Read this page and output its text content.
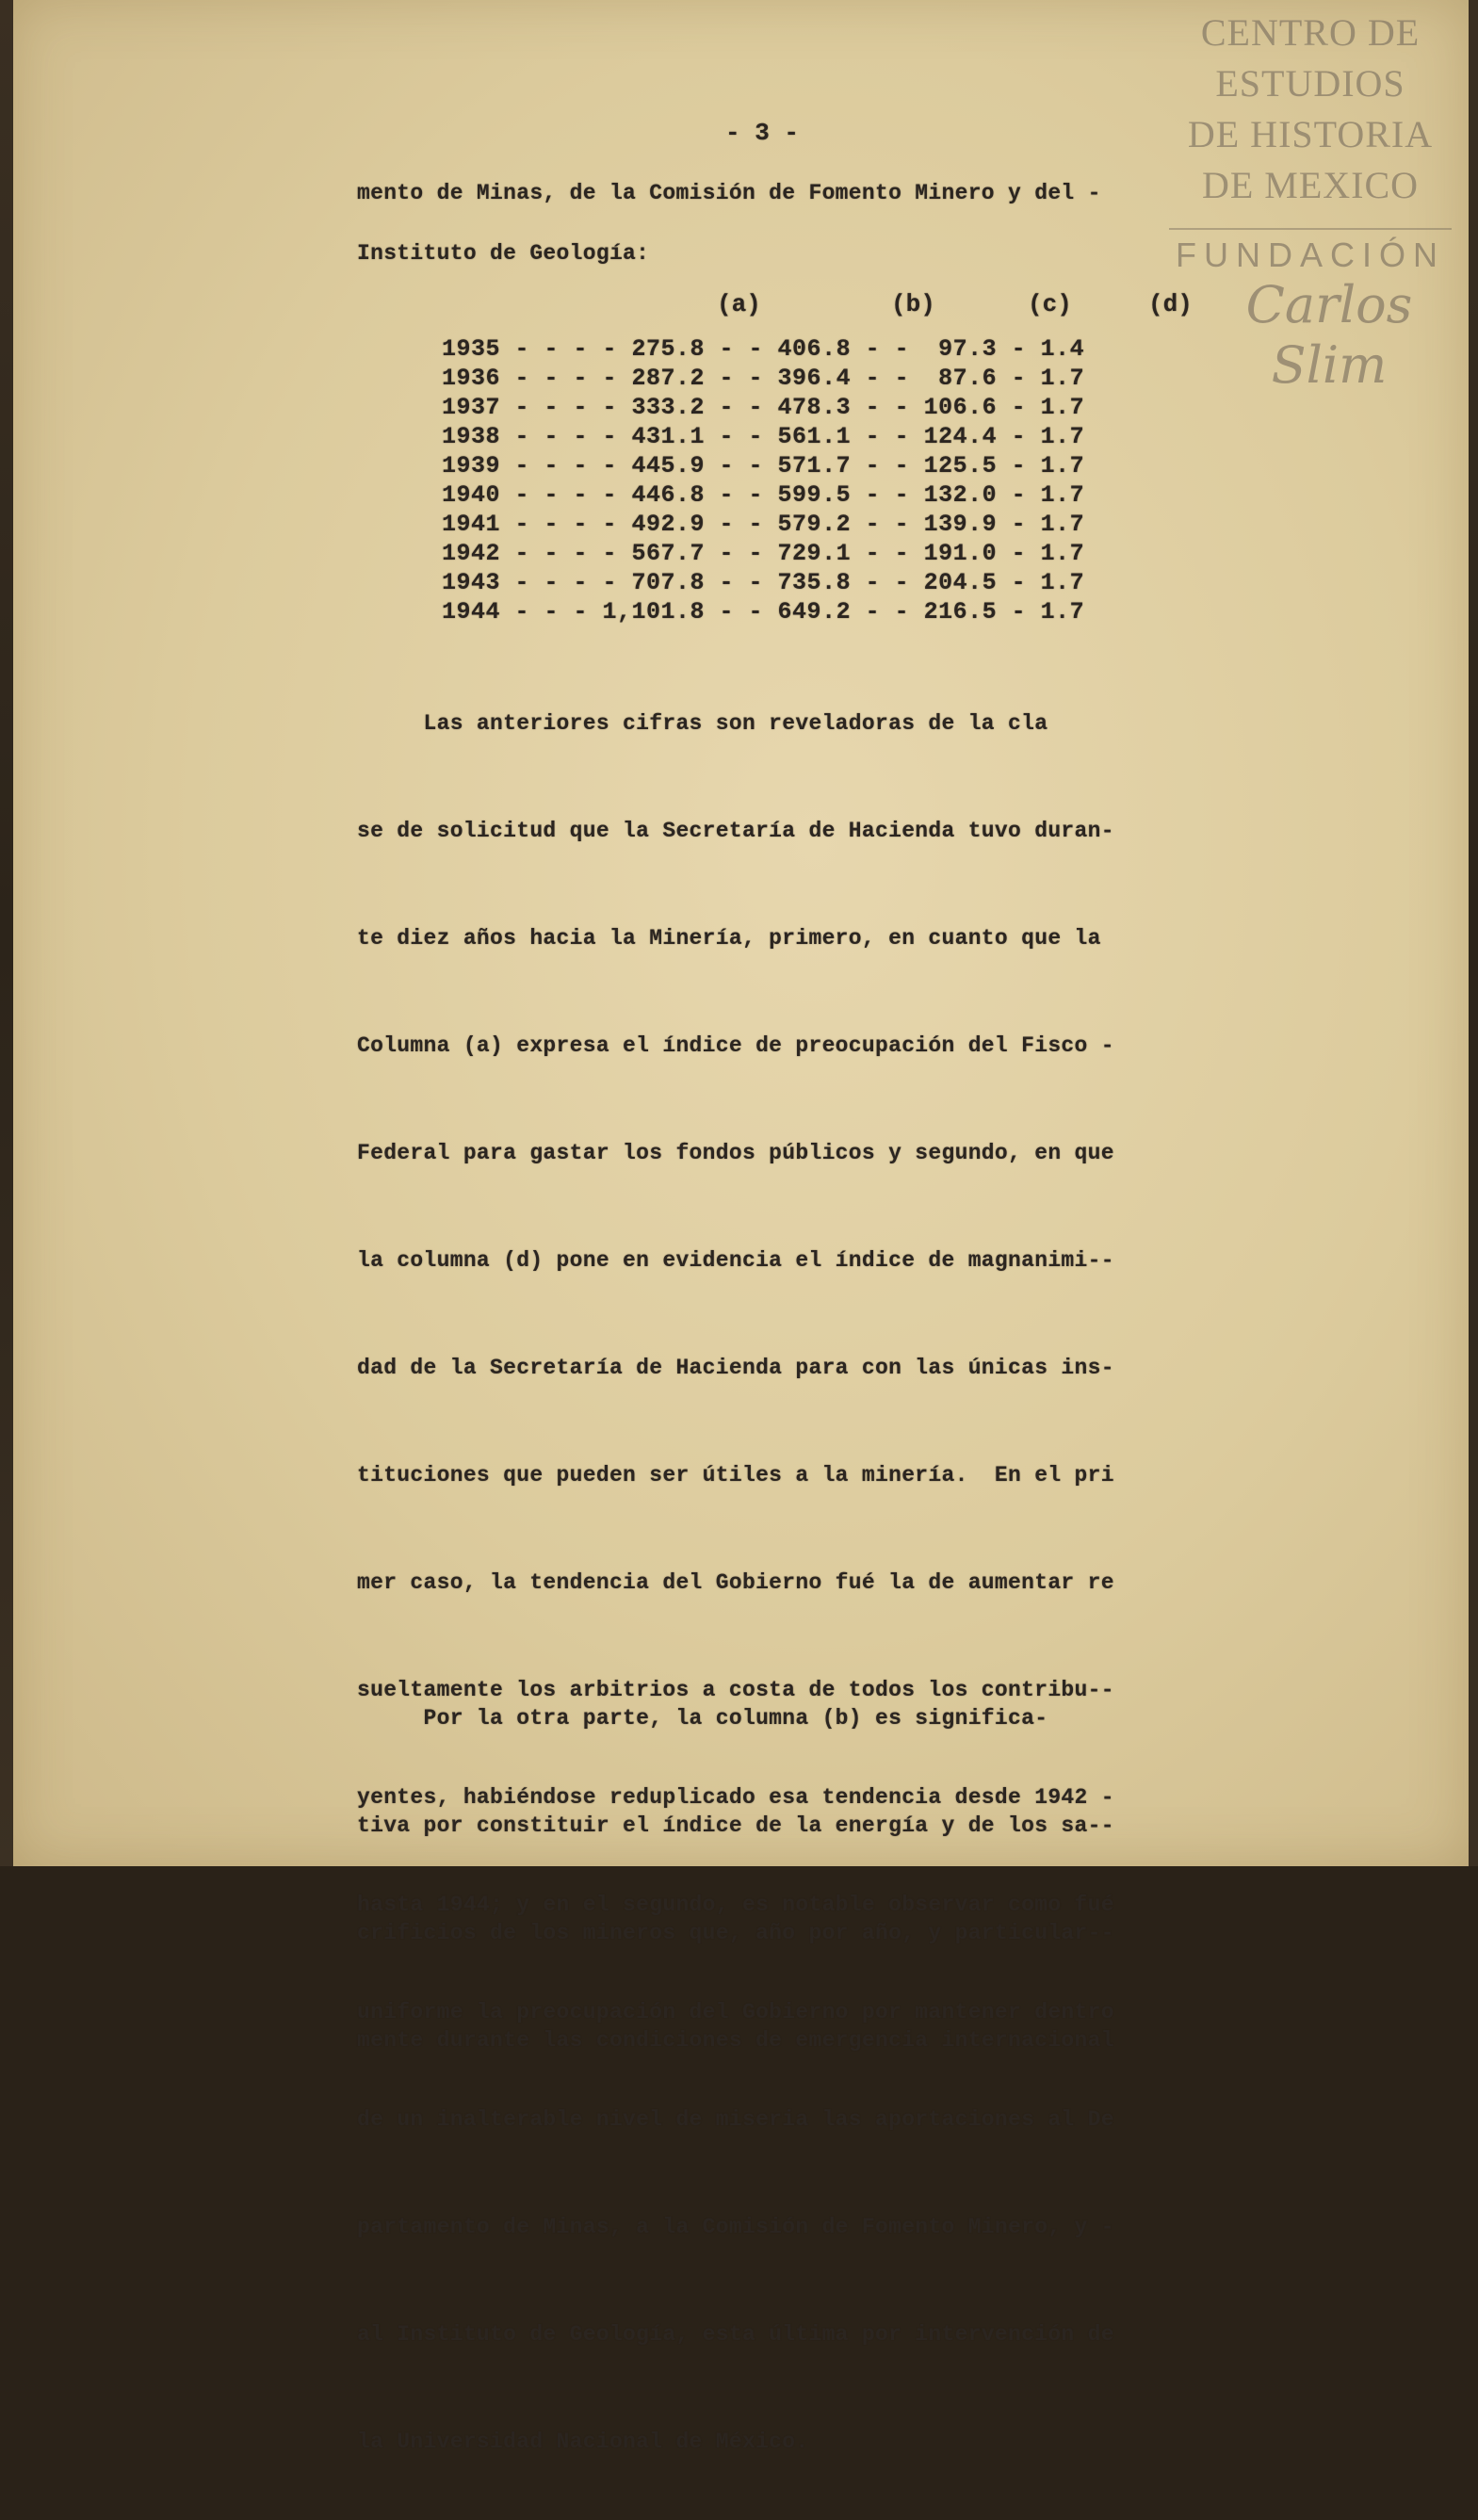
CENTRO DE
ESTUDIOS
DE HISTORIA
DE MEXICO
FUNDACIÓN
Carlos Slim
- 3 -
mento de Minas, de la Comisión de Fomento Minero y del -
Instituto de Geología:
(a)	(b)	(c)	(d)
1935 - - - - 275.8 - - 406.8 - -  97.3 - 1.4
1936 - - - - 287.2 - - 396.4 - -  87.6 - 1.7
1937 - - - - 333.2 - - 478.3 - - 106.6 - 1.7
1938 - - - - 431.1 - - 561.1 - - 124.4 - 1.7
1939 - - - - 445.9 - - 571.7 - - 125.5 - 1.7
1940 - - - - 446.8 - - 599.5 - - 132.0 - 1.7
1941 - - - - 492.9 - - 579.2 - - 139.9 - 1.7
1942 - - - - 567.7 - - 729.1 - - 191.0 - 1.7
1943 - - - - 707.8 - - 735.8 - - 204.5 - 1.7
1944 - - - 1,101.8 - - 649.2 - - 216.5 - 1.7

Las anteriores cifras son reveladoras de la cla

se de solicitud que la Secretaría de Hacienda tuvo duran-

te diez años hacia la Minería, primero, en cuanto que la

Columna (a) expresa el índice de preocupación del Fisco -

Federal para gastar los fondos públicos y segundo, en que

la columna (d) pone en evidencia el índice de magnanimi--

dad de la Secretaría de Hacienda para con las únicas ins-

tituciones que pueden ser útiles a la minería.  En el pri

mer caso, la tendencia del Gobierno fué la de aumentar re

sueltamente los arbitrios a costa de todos los contribu--

yentes, habiéndose reduplicado esa tendencia desde 1942 -

hasta 1944; y en el segundo, es notable observar como fué

uniforme la preocupación del Gobierno por mantener dentro

de un inalterable nivel de miseria las aportaciones al De

partamento de Minas, a la Comisión de Fomento Minero, y -

al Instituto de Geología, esta última por intervención de

la Universidad Nacional de México.

Por la otra parte, la columna (b) es significa-

tiva por constituir el índice de la energía y de los sa--

crificios de los mineros que, año por año, y particular--

mente durante las condiciones de emergencia internacional
